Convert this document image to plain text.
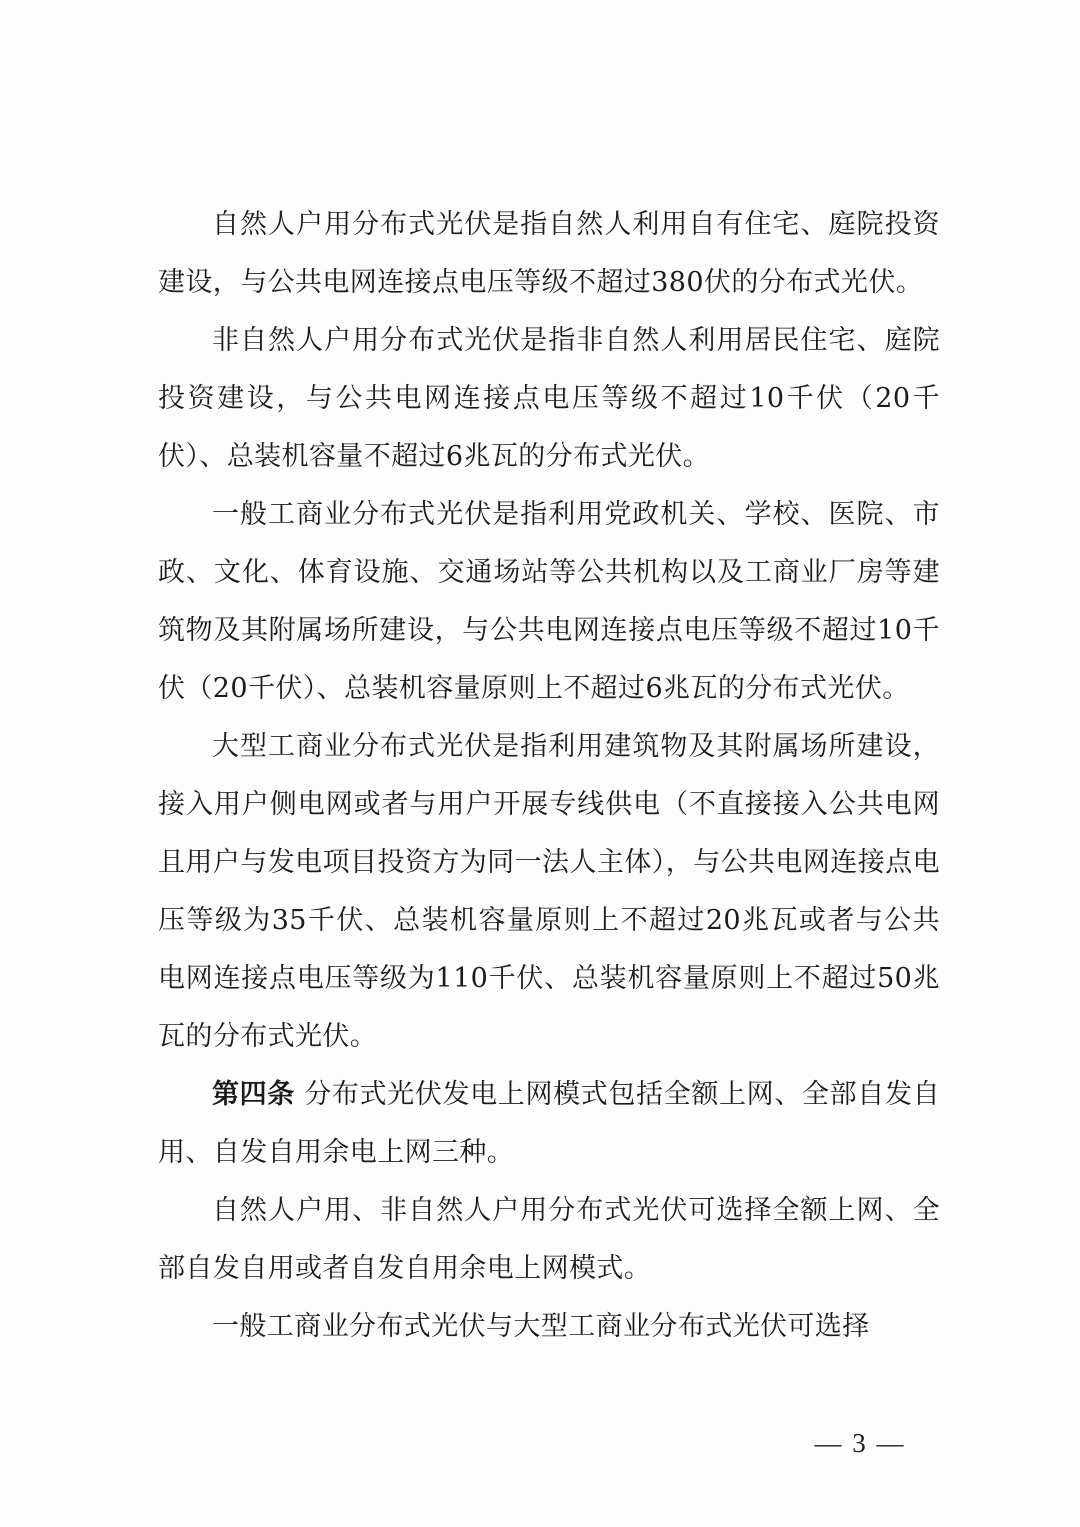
自然人户用分布式光伏是指自然人利用自有住宅、庭院投资建设，与公共电网连接点电压等级不超过380伏的分布式光伏。

非自然人户用分布式光伏是指非自然人利用居民住宅、庭院投资建设，与公共电网连接点电压等级不超过10千伏（20千伏）、总装机容量不超过6兆瓦的分布式光伏。

一般工商业分布式光伏是指利用党政机关、学校、医院、市政、文化、体育设施、交通场站等公共机构以及工商业厂房等建筑物及其附属场所建设，与公共电网连接点电压等级不超过10千伏（20千伏）、总装机容量原则上不超过6兆瓦的分布式光伏。

大型工商业分布式光伏是指利用建筑物及其附属场所建设，接入用户侧电网或者与用户开展专线供电（不直接接入公共电网且用户与发电项目投资方为同一法人主体），与公共电网连接点电压等级为35千伏、总装机容量原则上不超过20兆瓦或者与公共电网连接点电压等级为110千伏、总装机容量原则上不超过50兆瓦的分布式光伏。

第四条 分布式光伏发电上网模式包括全额上网、全部自发自用、自发自用余电上网三种。

自然人户用、非自然人户用分布式光伏可选择全额上网、全部自发自用或者自发自用余电上网模式。

一般工商业分布式光伏与大型工商业分布式光伏可选择

— 3 —
